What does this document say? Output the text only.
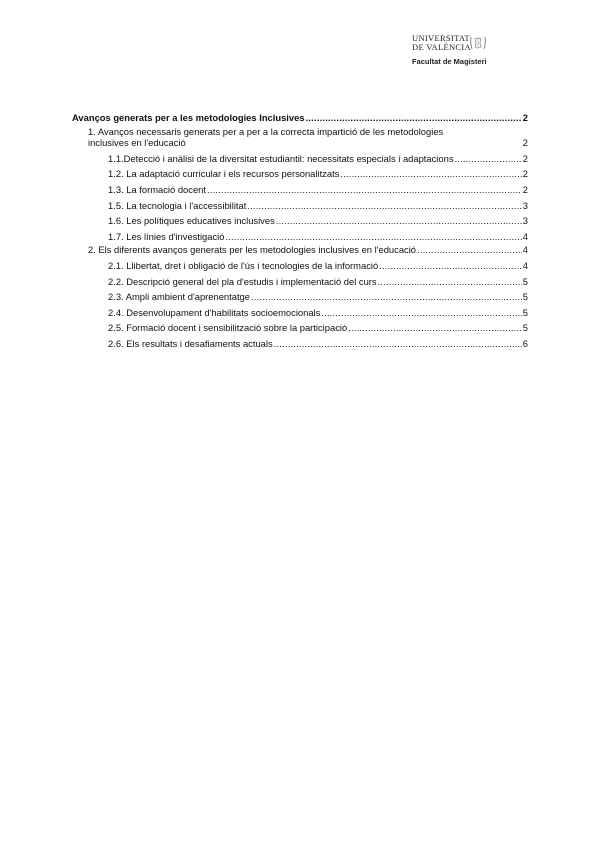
UNIVERSITAT
DE VALÈNCIA
Facultat de Magisteri
Avanços generats per a les metodologies Inclusives .....	2
1. Avanços necessaris generats per a per a la correcta impartició de les metodologies
inclusives en l'educació	2
1.1.Detecció i anàlisi de la diversitat estudiantil: necessitats especials i adaptacions .....	2
1.2. La adaptació curricular i els recursos personalitzats .....	2
1.3. La formació docent .....	2
1.5. La tecnologia i l'accessibilitat .....	3
1.6. Les polítiques educatives inclusives .....	3
1.7. Les línies d'investigació .....	4
2. Els diferents avanços generats per les metodologies inclusives en l'educació .....	4
2.1. Llibertat, dret i obligació de l'ús i tecnologies de la informació .....	4
2.2. Descripció general del pla d'estudis i implementació del curs .....	5
2.3. Ampli ambient d'aprenentatge .....	5
2.4. Desenvolupament d'habilitats socioemocionals .....	5
2.5. Formació docent i sensibilització sobre la participació .....	5
2.6. Els resultats i desafiaments actuals .....	6
